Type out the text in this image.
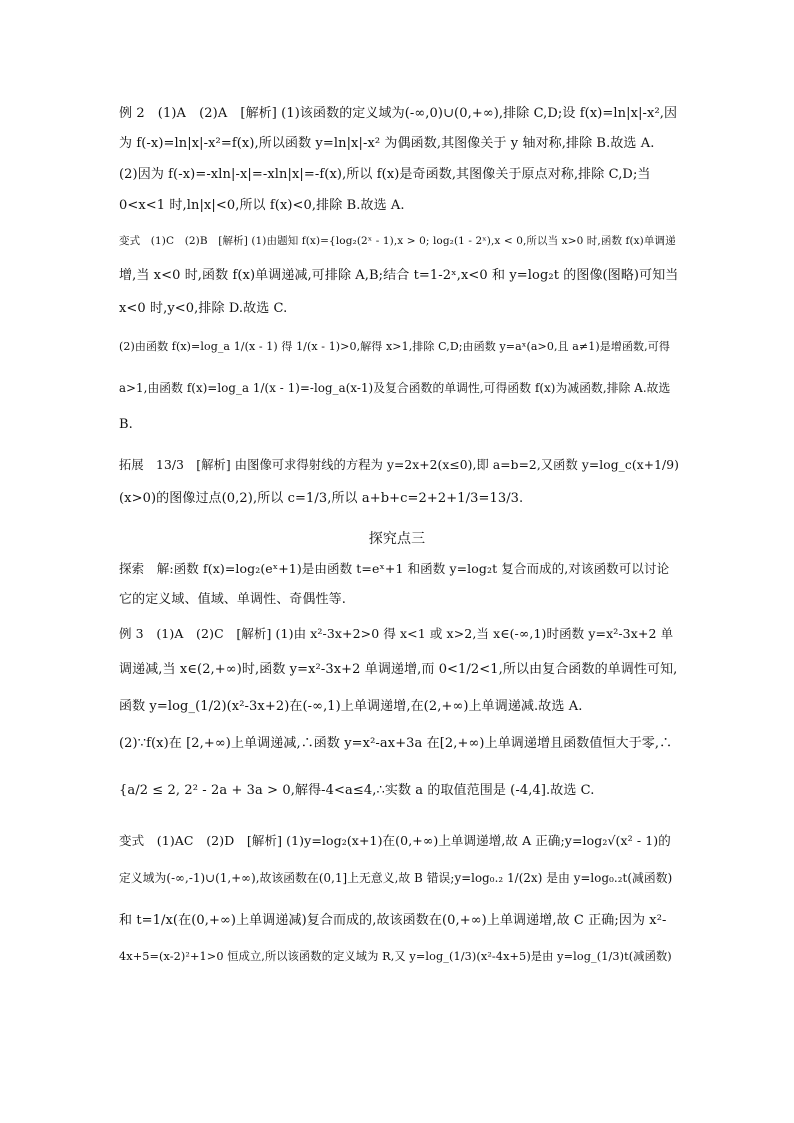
例 2　(1)A　(2)A　[解析] (1)该函数的定义域为(-∞,0)∪(0,+∞),排除 C,D;设 f(x)=ln|x|-x²,因
为 f(-x)=ln|x|-x²=f(x),所以函数 y=ln|x|-x² 为偶函数,其图像关于 y 轴对称,排除 B.故选 A.
(2)因为 f(-x)=-xln|-x|=-xln|x|=-f(x),所以 f(x)是奇函数,其图像关于原点对称,排除 C,D;当
0<x<1 时,ln|x|<0,所以 f(x)<0,排除 B.故选 A.
变式　(1)C　(2)B　[解析] (1)由题知 f(x)={log₂(2ˣ - 1),x > 0; log₂(1 - 2ˣ),x < 0,所以当 x>0 时,函数 f(x)单调递
增,当 x<0 时,函数 f(x)单调递减,可排除 A,B;结合 t=1-2ˣ,x<0 和 y=log₂t 的图像(图略)可知当
x<0 时,y<0,排除 D.故选 C.
(2)由函数 f(x)=log_a 1/(x - 1) 得 1/(x - 1)>0,解得 x>1,排除 C,D;由函数 y=aˣ(a>0,且 a≠1)是增函数,可得
a>1,由函数 f(x)=log_a 1/(x - 1)=-log_a(x-1)及复合函数的单调性,可得函数 f(x)为减函数,排除 A.故选
B.
拓展　13/3　[解析] 由图像可求得射线的方程为 y=2x+2(x≤0),即 a=b=2,又函数 y=log_c(x+1/9)
(x>0)的图像过点(0,2),所以 c=1/3,所以 a+b+c=2+2+1/3=13/3.
探究点三
探索　解:函数 f(x)=log₂(eˣ+1)是由函数 t=eˣ+1 和函数 y=log₂t 复合而成的,对该函数可以讨论
它的定义域、值域、单调性、奇偶性等.
例 3　(1)A　(2)C　[解析] (1)由 x²-3x+2>0 得 x<1 或 x>2,当 x∈(-∞,1)时函数 y=x²-3x+2 单
调递减,当 x∈(2,+∞)时,函数 y=x²-3x+2 单调递增,而 0<1/2<1,所以由复合函数的单调性可知,
函数 y=log_(1/2)(x²-3x+2)在(-∞,1)上单调递增,在(2,+∞)上单调递减.故选 A.
(2)∵f(x)在 [2,+∞)上单调递减,∴函数 y=x²-ax+3a 在[2,+∞)上单调递增且函数值恒大于零,∴
{a/2 ≤ 2, 2² - 2a + 3a > 0,解得-4<a≤4,∴实数 a 的取值范围是 (-4,4].故选 C.
变式　(1)AC　(2)D　[解析] (1)y=log₂(x+1)在(0,+∞)上单调递增,故 A 正确;y=log₂√(x² - 1)的
定义域为(-∞,-1)∪(1,+∞),故该函数在(0,1]上无意义,故 B 错误;y=log₀.₂ 1/(2x) 是由 y=log₀.₂t(减函数)
和 t=1/x(在(0,+∞)上单调递减)复合而成的,故该函数在(0,+∞)上单调递增,故 C 正确;因为 x²-
4x+5=(x-2)²+1>0 恒成立,所以该函数的定义域为 R,又 y=log_(1/3)(x²-4x+5)是由 y=log_(1/3)t(减函数)
